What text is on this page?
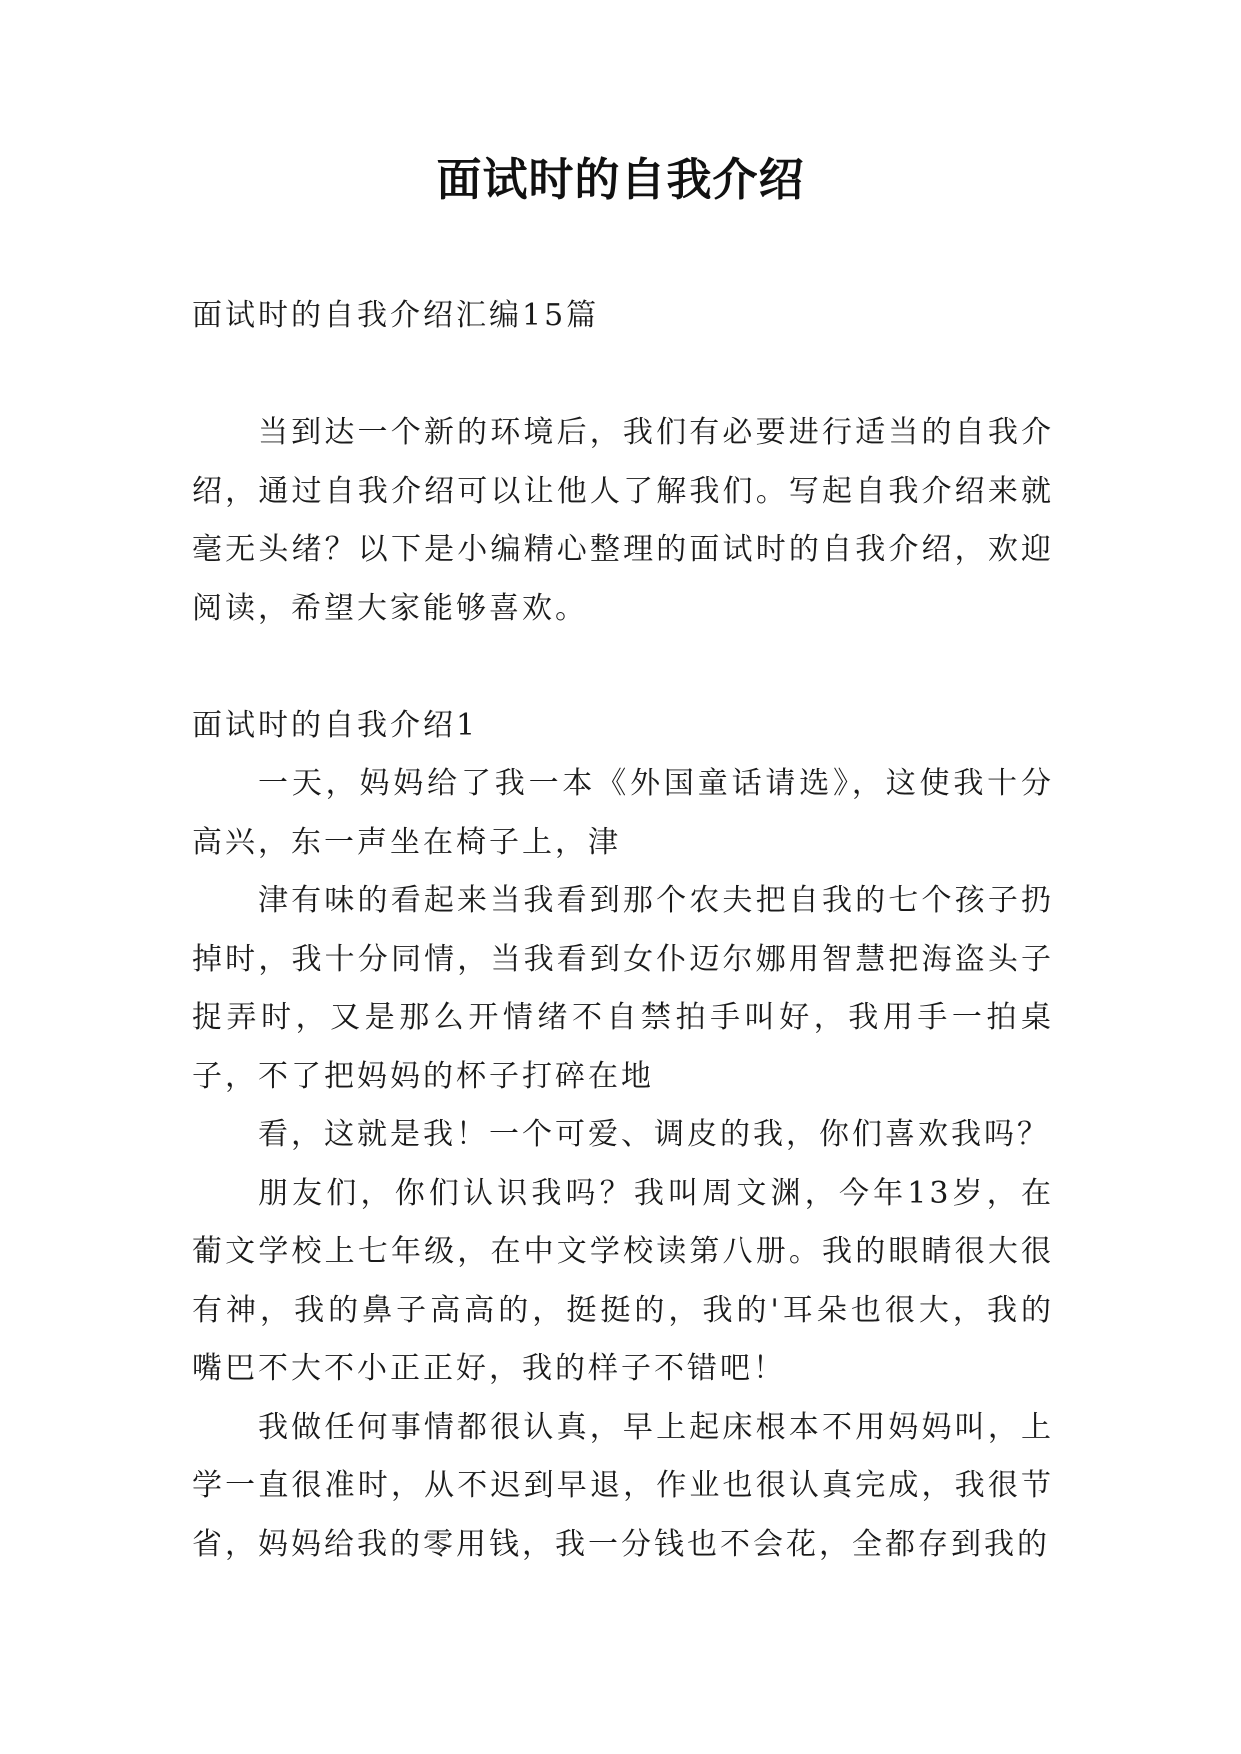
面试时的自我介绍

面试时的自我介绍汇编15篇

当到达一个新的环境后，我们有必要进行适当的自我介绍，通过自我介绍可以让他人了解我们。写起自我介绍来就毫无头绪？以下是小编精心整理的面试时的自我介绍，欢迎阅读，希望大家能够喜欢。

面试时的自我介绍1

一天，妈妈给了我一本《外国童话请选》，这使我十分高兴，东一声坐在椅子上，津

津有味的看起来当我看到那个农夫把自我的七个孩子扔掉时，我十分同情，当我看到女仆迈尔娜用智慧把海盗头子捉弄时，又是那么开情绪不自禁拍手叫好，我用手一拍桌子，不了把妈妈的杯子打碎在地

看，这就是我！一个可爱、调皮的我，你们喜欢我吗？

朋友们，你们认识我吗？我叫周文渊，今年13岁，在葡文学校上七年级，在中文学校读第八册。我的眼睛很大很有神，我的鼻子高高的，挺挺的，我的'耳朵也很大，我的嘴巴不大不小正正好，我的样子不错吧！

我做任何事情都很认真，早上起床根本不用妈妈叫，上学一直很准时，从不迟到早退，作业也很认真完成，我很节省，妈妈给我的零用钱，我一分钱也不会花，全都存到我的
